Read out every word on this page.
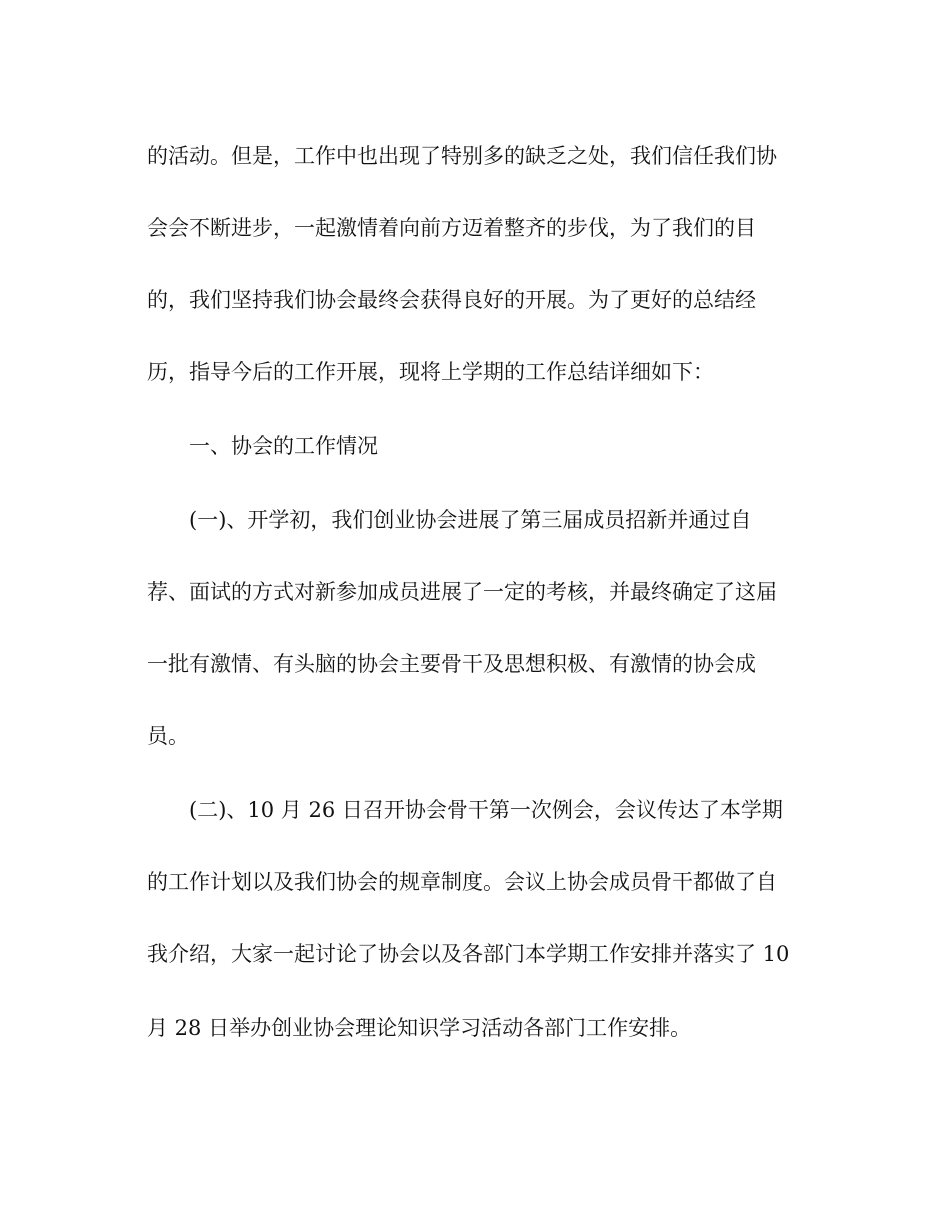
的活动。但是，工作中也出现了特别多的缺乏之处，我们信任我们协
会会不断进步，一起激情着向前方迈着整齐的步伐，为了我们的目
的，我们坚持我们协会最终会获得良好的开展。为了更好的总结经
历，指导今后的工作开展，现将上学期的工作总结详细如下：
一、协会的工作情况
(一)、开学初，我们创业协会进展了第三届成员招新并通过自
荐、面试的方式对新参加成员进展了一定的考核，并最终确定了这届
一批有激情、有头脑的协会主要骨干及思想积极、有激情的协会成
员。
(二)、10 月 26 日召开协会骨干第一次例会，会议传达了本学期
的工作计划以及我们协会的规章制度。会议上协会成员骨干都做了自
我介绍，大家一起讨论了协会以及各部门本学期工作安排并落实了 10
月 28 日举办创业协会理论知识学习活动各部门工作安排。
